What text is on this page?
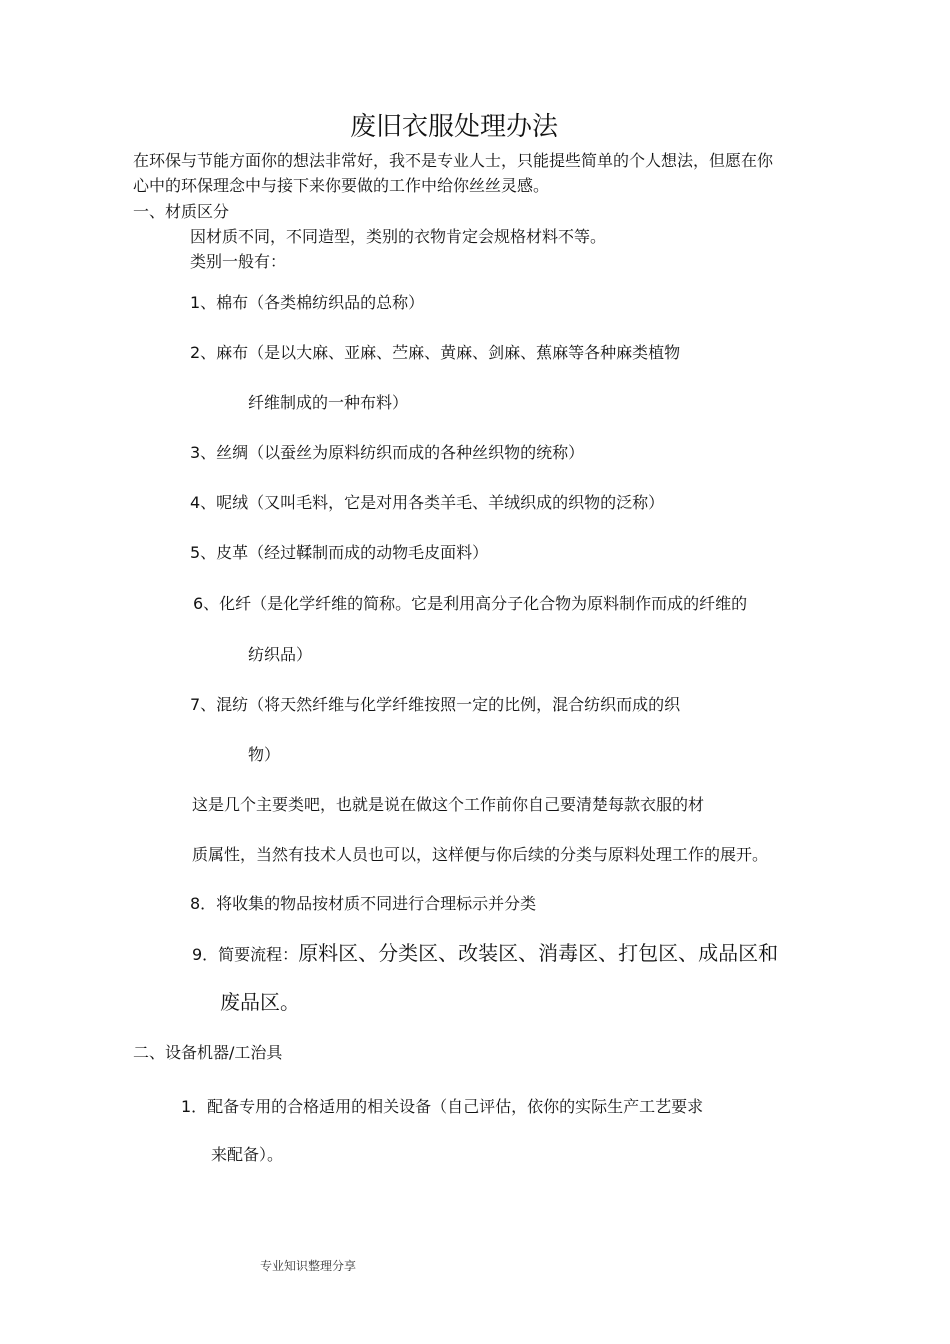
废旧衣服处理办法
在环保与节能方面你的想法非常好，我不是专业人士，只能提些简单的个人想法，但愿在你
心中的环保理念中与接下来你要做的工作中给你丝丝灵感。
一、材质区分
因材质不同，不同造型，类别的衣物肯定会规格材料不等。
类别一般有：
1、棉布（各类棉纺织品的总称）
2、麻布（是以大麻、亚麻、苎麻、黄麻、剑麻、蕉麻等各种麻类植物
纤维制成的一种布料）
3、丝绸（以蚕丝为原料纺织而成的各种丝织物的统称）
4、呢绒（又叫毛料，它是对用各类羊毛、羊绒织成的织物的泛称）
5、皮革（经过鞣制而成的动物毛皮面料）
6、化纤（是化学纤维的简称。它是利用高分子化合物为原料制作而成的纤维的
纺织品）
7、混纺（将天然纤维与化学纤维按照一定的比例，混合纺织而成的织
物）
这是几个主要类吧，也就是说在做这个工作前你自己要清楚每款衣服的材
质属性，当然有技术人员也可以，这样便与你后续的分类与原料处理工作的展开。
8．将收集的物品按材质不同进行合理标示并分类
9．简要流程：原料区、分类区、改装区、消毒区、打包区、成品区和
废品区。
二、设备机器/工治具
1．配备专用的合格适用的相关设备（自己评估，依你的实际生产工艺要求
来配备）。
专业知识整理分享
